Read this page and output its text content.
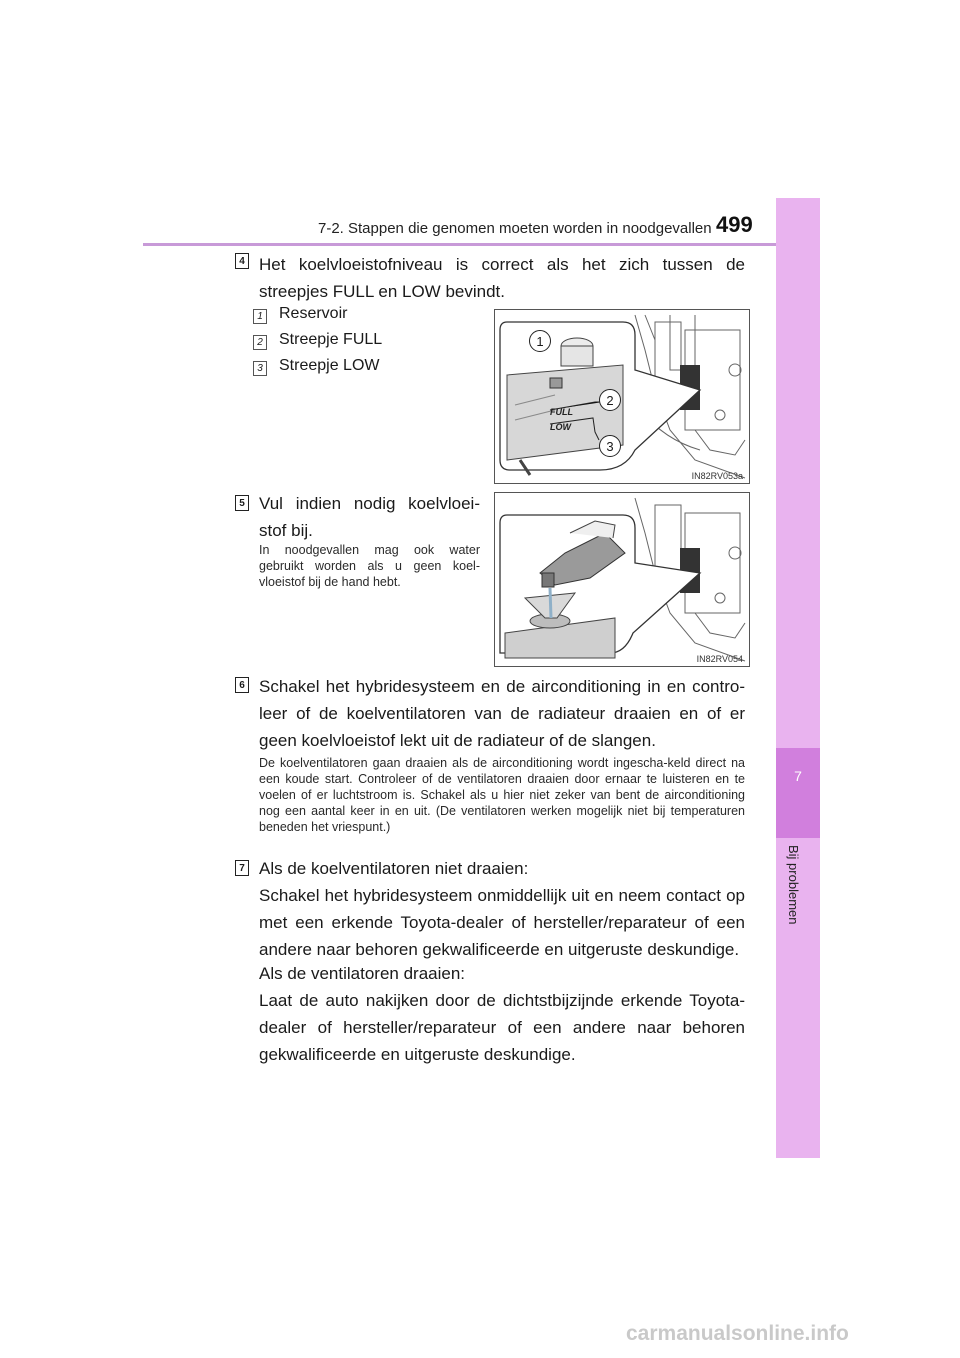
7-2. Stappen die genomen moeten worden in noodgevallen 499
7
Bij problemen
4 Het koelvloeistofniveau is correct als het zich tussen de streepjes FULL en LOW bevindt.
1 Reservoir
2 Streepje FULL
3 Streepje LOW
FULL
LOW
1
2
3
IN82RV053a
5 Vul indien nodig koelvloei-stof bij.
In noodgevallen mag ook water gebruikt worden als u geen koel-vloeistof bij de hand hebt.
IN82RV054
6 Schakel het hybridesysteem en de airconditioning in en contro-leer of de koelventilatoren van de radiateur draaien en of er geen koelvloeistof lekt uit de radiateur of de slangen.
De koelventilatoren gaan draaien als de airconditioning wordt ingescha-keld direct na een koude start. Controleer of de ventilatoren draaien door ernaar te luisteren en te voelen of er luchtstroom is. Schakel als u hier niet zeker van bent de airconditioning nog een aantal keer in en uit. (De ventilatoren werken mogelijk niet bij temperaturen beneden het vriespunt.)
7 Als de koelventilatoren niet draaien:
Schakel het hybridesysteem onmiddellijk uit en neem contact op met een erkende Toyota-dealer of hersteller/reparateur of een andere naar behoren gekwalificeerde en uitgeruste deskundige.
Als de ventilatoren draaien:
Laat de auto nakijken door de dichtstbijzijnde erkende Toyota-dealer of hersteller/reparateur of een andere naar behoren gekwalificeerde en uitgeruste deskundige.
carmanualsonline.info
